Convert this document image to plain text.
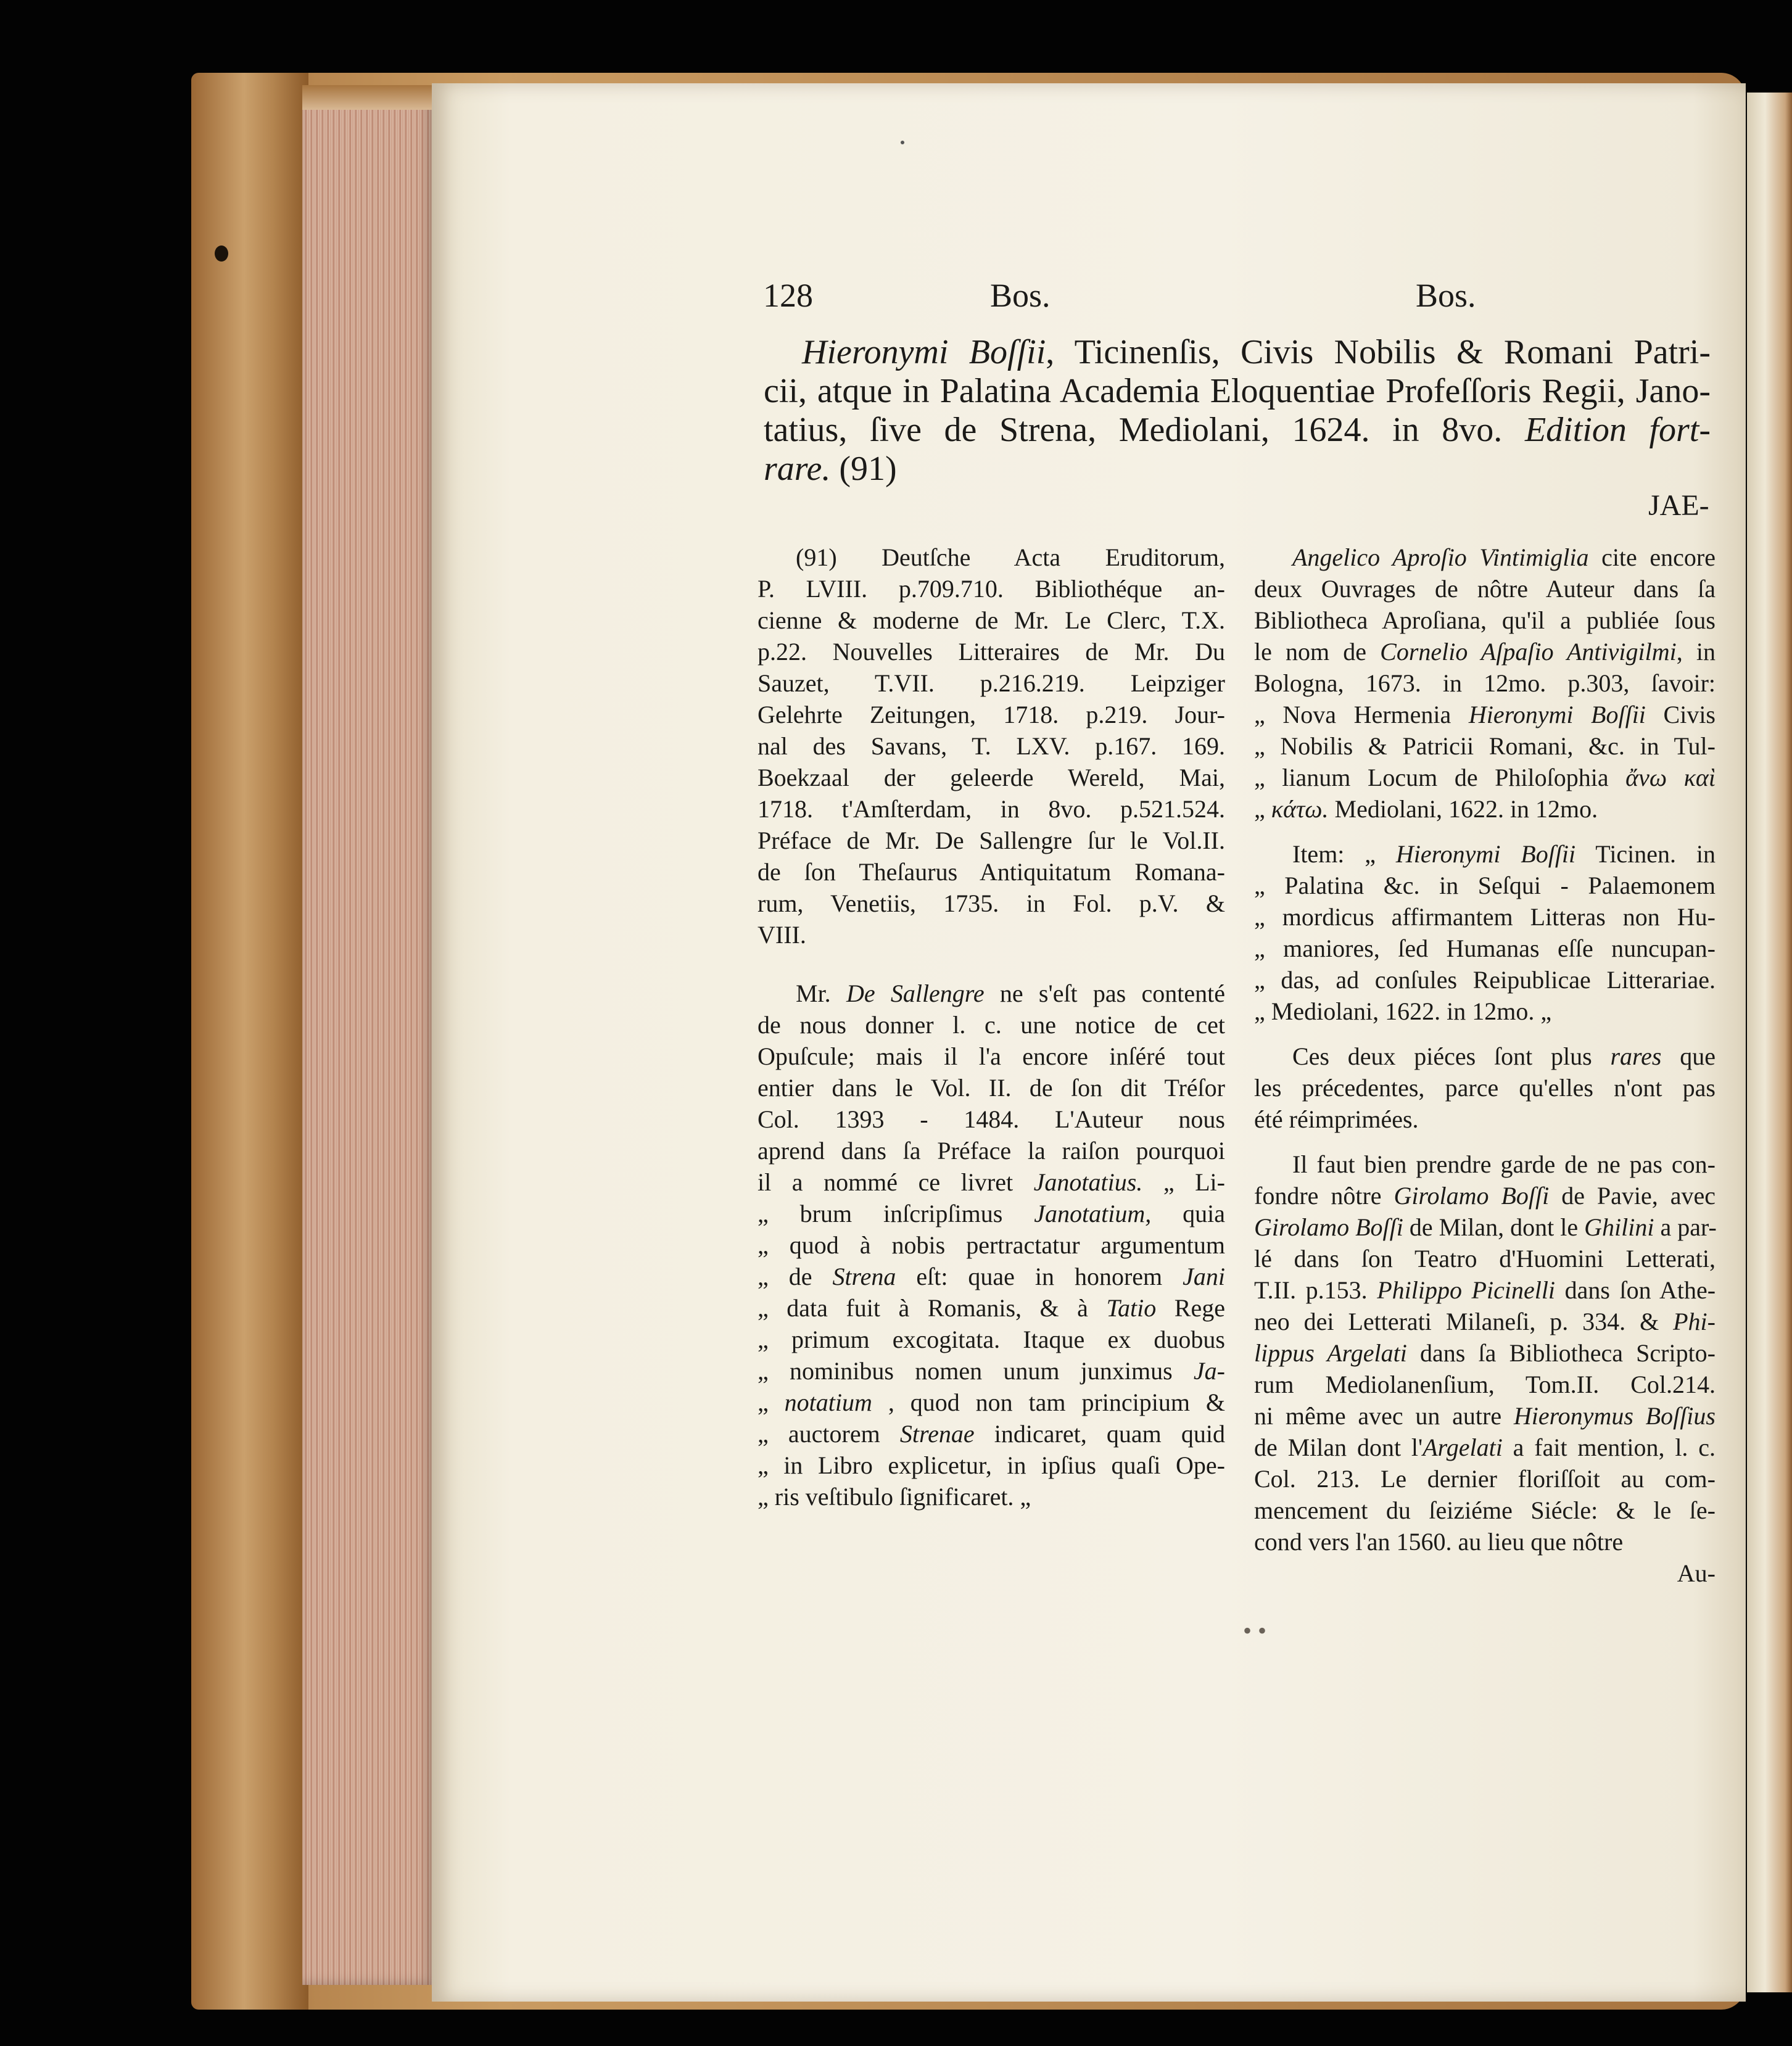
128	Bos.	Bos.
Hieronymi Boſſii, Ticinenſis, Civis Nobilis & Romani Patri-
cii, atque in Palatina Academia Eloquentiae Profeſſoris Regii, Jano-
tatius, ſive de Strena, Mediolani, 1624. in 8vo. Edition fort-
rare. (91)
JAE-
(91) Deutſche Acta Eruditorum,
P. LVIII. p.709.710. Bibliothéque an-
cienne & moderne de Mr. Le Clerc, T.X.
p.22. Nouvelles Litteraires de Mr. Du
Sauzet, T.VII. p.216.219. Leipziger
Gelehrte Zeitungen, 1718. p.219. Jour-
nal des Savans, T. LXV. p.167. 169.
Boekzaal der geleerde Wereld, Mai,
1718. t'Amſterdam, in 8vo. p.521.524.
Préface de Mr. De Sallengre ſur le Vol.II.
de ſon Theſaurus Antiquitatum Romana-
rum, Venetiis, 1735. in Fol. p.V. &
VIII.
Mr. De Sallengre ne s'eſt pas contenté
de nous donner l. c. une notice de cet
Opuſcule; mais il l'a encore inſéré tout
entier dans le Vol. II. de ſon dit Tréſor
Col. 1393 - 1484. L'Auteur nous
aprend dans ſa Préface la raiſon pourquoi
il a nommé ce livret Janotatius. „ Li-
„ brum inſcripſimus Janotatium, quia
„ quod à nobis pertractatur argumentum
„ de Strena eſt: quae in honorem Jani
„ data fuit à Romanis, & à Tatio Rege
„ primum excogitata. Itaque ex duobus
„ nominibus nomen unum junximus Ja-
„ notatium , quod non tam principium &
„ auctorem Strenae indicaret, quam quid
„ in Libro explicetur, in ipſius quaſi Ope-
„ ris veſtibulo ſignificaret. „
Angelico Aproſio Vintimiglia cite encore
deux Ouvrages de nôtre Auteur dans ſa
Bibliotheca Aproſiana, qu'il a publiée ſous
le nom de Cornelio Aſpaſio Antivigilmi, in
Bologna, 1673. in 12mo. p.303, ſavoir:
„ Nova Hermenia Hieronymi Boſſii Civis
„ Nobilis & Patricii Romani, &c. in Tul-
„ lianum Locum de Philoſophia ἄνω καὶ
„ κάτω. Mediolani, 1622. in 12mo.
Item: „ Hieronymi Boſſii Ticinen. in
„ Palatina &c. in Seſqui - Palaemonem
„ mordicus affirmantem Litteras non Hu-
„ maniores, ſed Humanas eſſe nuncupan-
„ das, ad conſules Reipublicae Litterariae.
„ Mediolani, 1622. in 12mo. „
Ces deux piéces ſont plus rares que
les précedentes, parce qu'elles n'ont pas
été réimprimées.
Il faut bien prendre garde de ne pas con-
fondre nôtre Girolamo Boſſi de Pavie, avec
Girolamo Boſſi de Milan, dont le Ghilini a par-
lé dans ſon Teatro d'Huomini Letterati,
T.II. p.153. Philippo Picinelli dans ſon Athe-
neo dei Letterati Milaneſi, p. 334. & Phi-
lippus Argelati dans ſa Bibliotheca Scripto-
rum Mediolanenſium, Tom.II. Col.214.
ni même avec un autre Hieronymus Boſſius
de Milan dont l'Argelati a fait mention, l. c.
Col. 213. Le dernier floriſſoit au com-
mencement du ſeiziéme Siécle: & le ſe-
cond vers l'an 1560. au lieu que nôtre
Au-
• •
